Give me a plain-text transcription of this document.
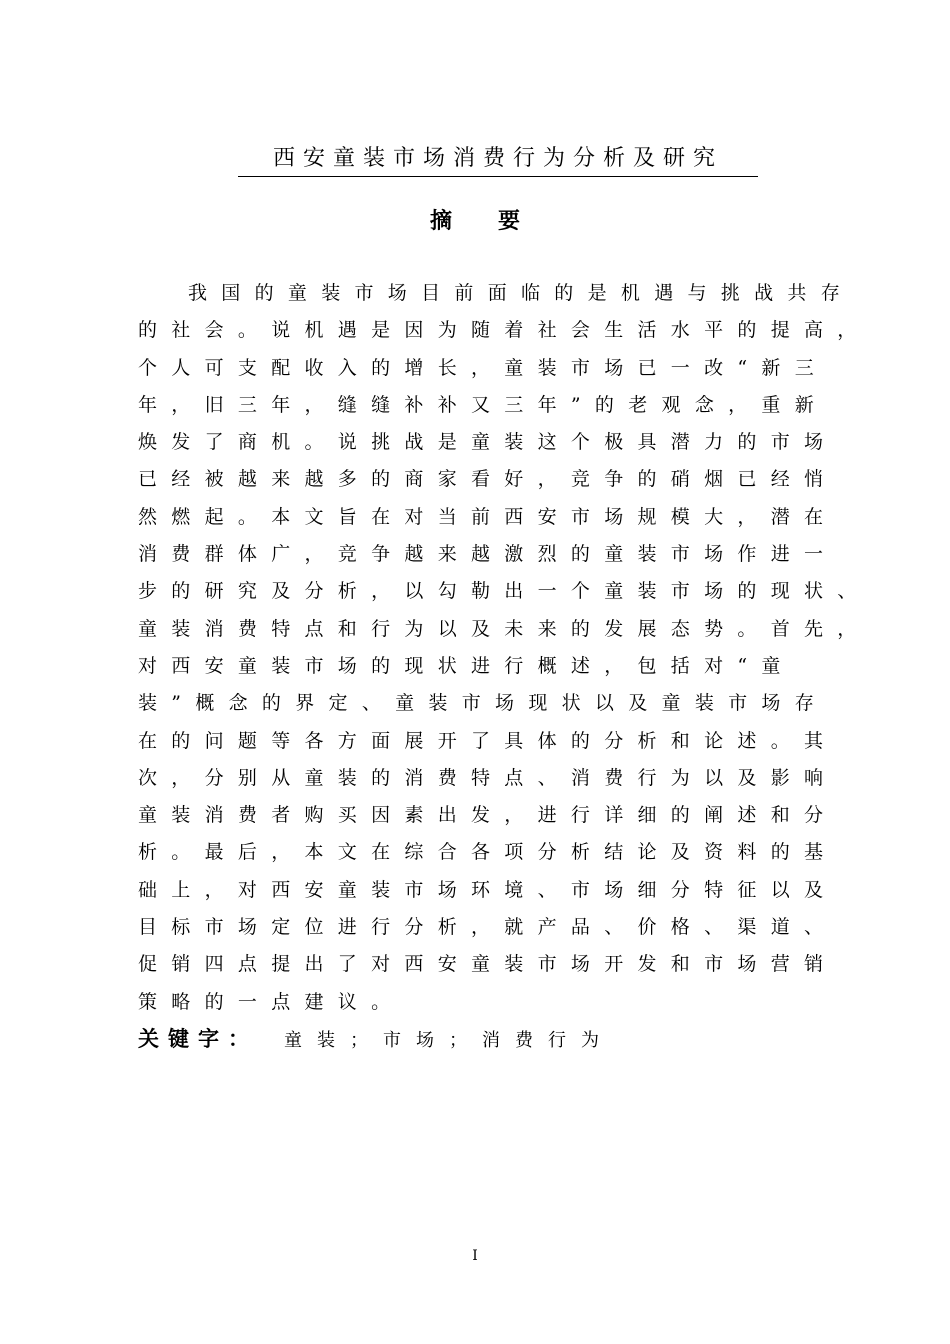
西安童装市场消费行为分析及研究
摘要
我国的童装市场目前面临的是机遇与挑战共存
的社会。说机遇是因为随着社会生活水平的提高，
个人可支配收入的增长，童装市场已一改“新三
年，旧三年，缝缝补补又三年”的老观念，重新
焕发了商机。说挑战是童装这个极具潜力的市场
已经被越来越多的商家看好，竞争的硝烟已经悄
然燃起。本文旨在对当前西安市场规模大，潜在
消费群体广，竞争越来越激烈的童装市场作进一
步的研究及分析，以勾勒出一个童装市场的现状、
童装消费特点和行为以及未来的发展态势。首先，
对西安童装市场的现状进行概述，包括对“童
装”概念的界定、童装市场现状以及童装市场存
在的问题等各方面展开了具体的分析和论述。其
次，分别从童装的消费特点、消费行为以及影响
童装消费者购买因素出发，进行详细的阐述和分
析。最后，本文在综合各项分析结论及资料的基
础上，对西安童装市场环境、市场细分特征以及
目标市场定位进行分析，就产品、价格、渠道、
促销四点提出了对西安童装市场开发和市场营销
策略的一点建议。
关键字： 童装；市场；消费行为
I
